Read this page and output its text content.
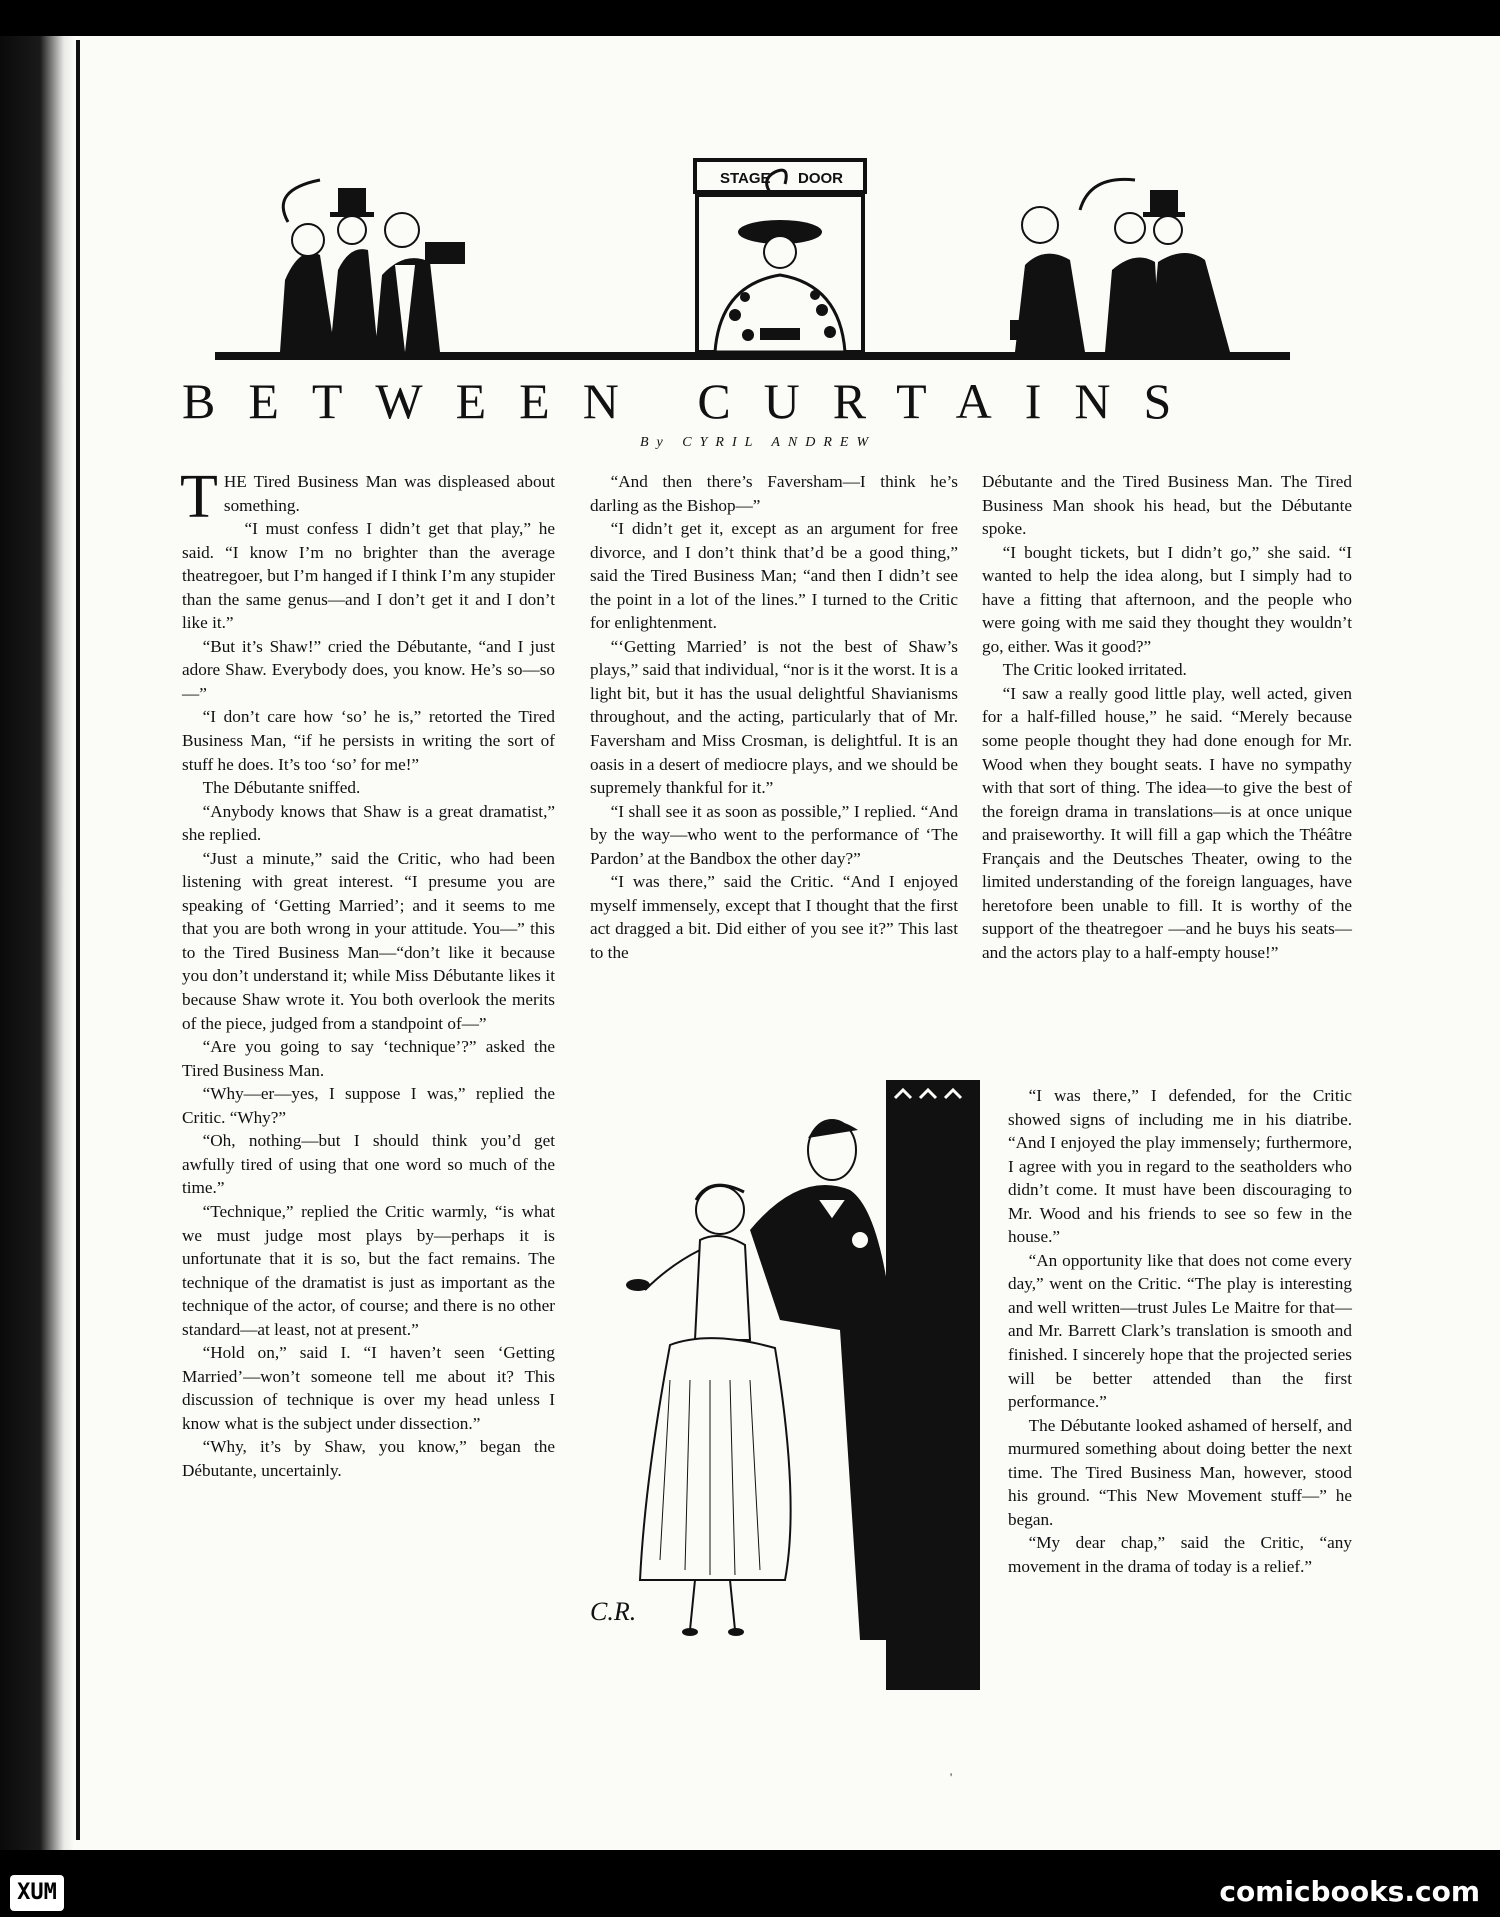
STAGE DOOR
BETWEEN CURTAINS
By CYRIL ANDREW

THE Tired Business Man was displeased about something.

“I must confess I didn’t get that play,” he said. “I know I’m no brighter than the average theatregoer, but I’m hanged if I think I’m any stupider than the same genus—and I don’t get it and I don’t like it.”

“But it’s Shaw!” cried the Débutante, “and I just adore Shaw. Everybody does, you know. He’s so—so—”

“I don’t care how ‘so’ he is,” retorted the Tired Business Man, “if he persists in writing the sort of stuff he does. It’s too ‘so’ for me!”

The Débutante sniffed.

“Anybody knows that Shaw is a great dramatist,” she replied.

“Just a minute,” said the Critic, who had been listening with great interest. “I presume you are speaking of ‘Getting Married’; and it seems to me that you are both wrong in your attitude. You—” this to the Tired Business Man—“don’t like it because you don’t understand it; while Miss Débutante likes it because Shaw wrote it. You both overlook the merits of the piece, judged from a standpoint of—”

“Are you going to say ‘technique’?” asked the Tired Business Man.

“Why—er—yes, I suppose I was,” replied the Critic. “Why?”

“Oh, nothing—but I should think you’d get awfully tired of using that one word so much of the time.”

“Technique,” replied the Critic warmly, “is what we must judge most plays by—perhaps it is unfortunate that it is so, but the fact remains. The technique of the dramatist is just as important as the technique of the actor, of course; and there is no other standard—at least, not at present.”

“Hold on,” said I. “I haven’t seen ‘Getting Married’—won’t someone tell me about it? This discussion of technique is over my head unless I know what is the subject under dissection.”

“Why, it’s by Shaw, you know,” began the Débutante, uncertainly.

“And then there’s Faversham—I think he’s darling as the Bishop—”

“I didn’t get it, except as an argument for free divorce, and I don’t think that’d be a good thing,” said the Tired Business Man; “and then I didn’t see the point in a lot of the lines.” I turned to the Critic for enlightenment.

“‘Getting Married’ is not the best of Shaw’s plays,” said that individual, “nor is it the worst. It is a light bit, but it has the usual delightful Shavianisms throughout, and the acting, particularly that of Mr. Faversham and Miss Crosman, is delightful. It is an oasis in a desert of mediocre plays, and we should be supremely thankful for it.”

“I shall see it as soon as possible,” I replied. “And by the way—who went to the performance of ‘The Pardon’ at the Bandbox the other day?”

“I was there,” said the Critic. “And I enjoyed myself immensely, except that I thought that the first act dragged a bit. Did either of you see it?” This last to the

Débutante and the Tired Business Man. The Tired Business Man shook his head, but the Débutante spoke.

“I bought tickets, but I didn’t go,” she said. “I wanted to help the idea along, but I simply had to have a fitting that afternoon, and the people who were going with me said they thought they wouldn’t go, either. Was it good?”

The Critic looked irritated.

“I saw a really good little play, well acted, given for a half-filled house,” he said. “Merely because some people thought they had done enough for Mr. Wood when they bought seats. I have no sympathy with that sort of thing. The idea—to give the best of the foreign drama in translations—is at once unique and praiseworthy. It will fill a gap which the Théâtre Français and the Deutsches Theater, owing to the limited understanding of the foreign languages, have heretofore been unable to fill. It is worthy of the support of the theatregoer —and he buys his seats—and the actors play to a half-empty house!”

“I was there,” I defended, for the Critic showed signs of including me in his diatribe. “And I enjoyed the play immensely; furthermore, I agree with you in regard to the seatholders who didn’t come. It must have been discouraging to Mr. Wood and his friends to see so few in the house.”

“An opportunity like that does not come every day,” went on the Critic. “The play is interesting and well written—trust Jules Le Maitre for that—and Mr. Barrett Clark’s translation is smooth and finished. I sincerely hope that the projected series will be better attended than the first performance.”

The Débutante looked ashamed of herself, and murmured something about doing better the next time. The Tired Business Man, however, stood his ground. “This New Movement stuff—” he began.

“My dear chap,” said the Critic, “any movement in the drama of today is a relief.”

C.R.
'
XUM	comicbooks.com
